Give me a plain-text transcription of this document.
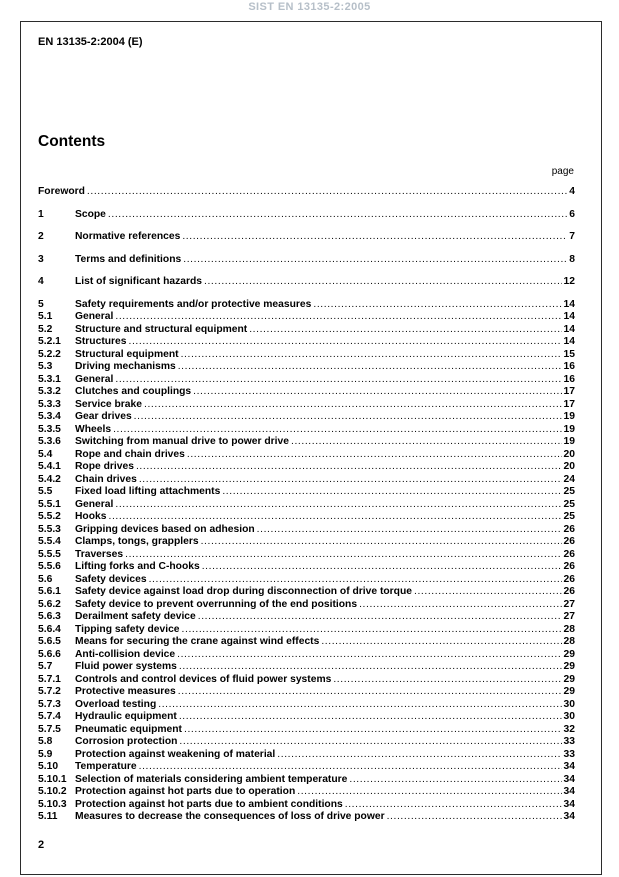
SIST EN 13135-2:2005
EN 13135-2:2004 (E)
Contents
page
Foreword .....	4
1	Scope .....	6
2	Normative references .....	7
3	Terms and definitions .....	8
4	List of significant hazards .....	12
5	Safety requirements and/or protective measures .....	14
5.1	General .....	14
5.2	Structure and structural equipment .....	14
5.2.1	Structures .....	14
5.2.2	Structural equipment .....	15
5.3	Driving mechanisms .....	16
5.3.1	General .....	16
5.3.2	Clutches and couplings .....	17
5.3.3	Service brake .....	17
5.3.4	Gear drives .....	19
5.3.5	Wheels .....	19
5.3.6	Switching from manual drive to power drive .....	19
5.4	Rope and chain drives .....	20
5.4.1	Rope drives .....	20
5.4.2	Chain drives .....	24
5.5	Fixed load lifting attachments .....	25
5.5.1	General .....	25
5.5.2	Hooks .....	25
5.5.3	Gripping devices based on adhesion .....	26
5.5.4	Clamps, tongs, grapplers .....	26
5.5.5	Traverses .....	26
5.5.6	Lifting forks and C-hooks .....	26
5.6	Safety devices .....	26
5.6.1	Safety device against load drop during disconnection of drive torque .....	26
5.6.2	Safety device to prevent overrunning of the end positions .....	27
5.6.3	Derailment safety device .....	27
5.6.4	Tipping safety device .....	28
5.6.5	Means for securing the crane against wind effects .....	28
5.6.6	Anti-collision device .....	29
5.7	Fluid power systems .....	29
5.7.1	Controls and control devices of fluid power systems .....	29
5.7.2	Protective measures .....	29
5.7.3	Overload testing .....	30
5.7.4	Hydraulic equipment .....	30
5.7.5	Pneumatic equipment .....	32
5.8	Corrosion protection .....	33
5.9	Protection against weakening of material .....	33
5.10	Temperature .....	34
5.10.1 Selection of materials considering ambient temperature .....	34
5.10.2 Protection against hot parts due to operation .....	34
5.10.3 Protection against hot parts due to ambient conditions .....	34
5.11	Measures to decrease the consequences of loss of drive power .....	34
2
